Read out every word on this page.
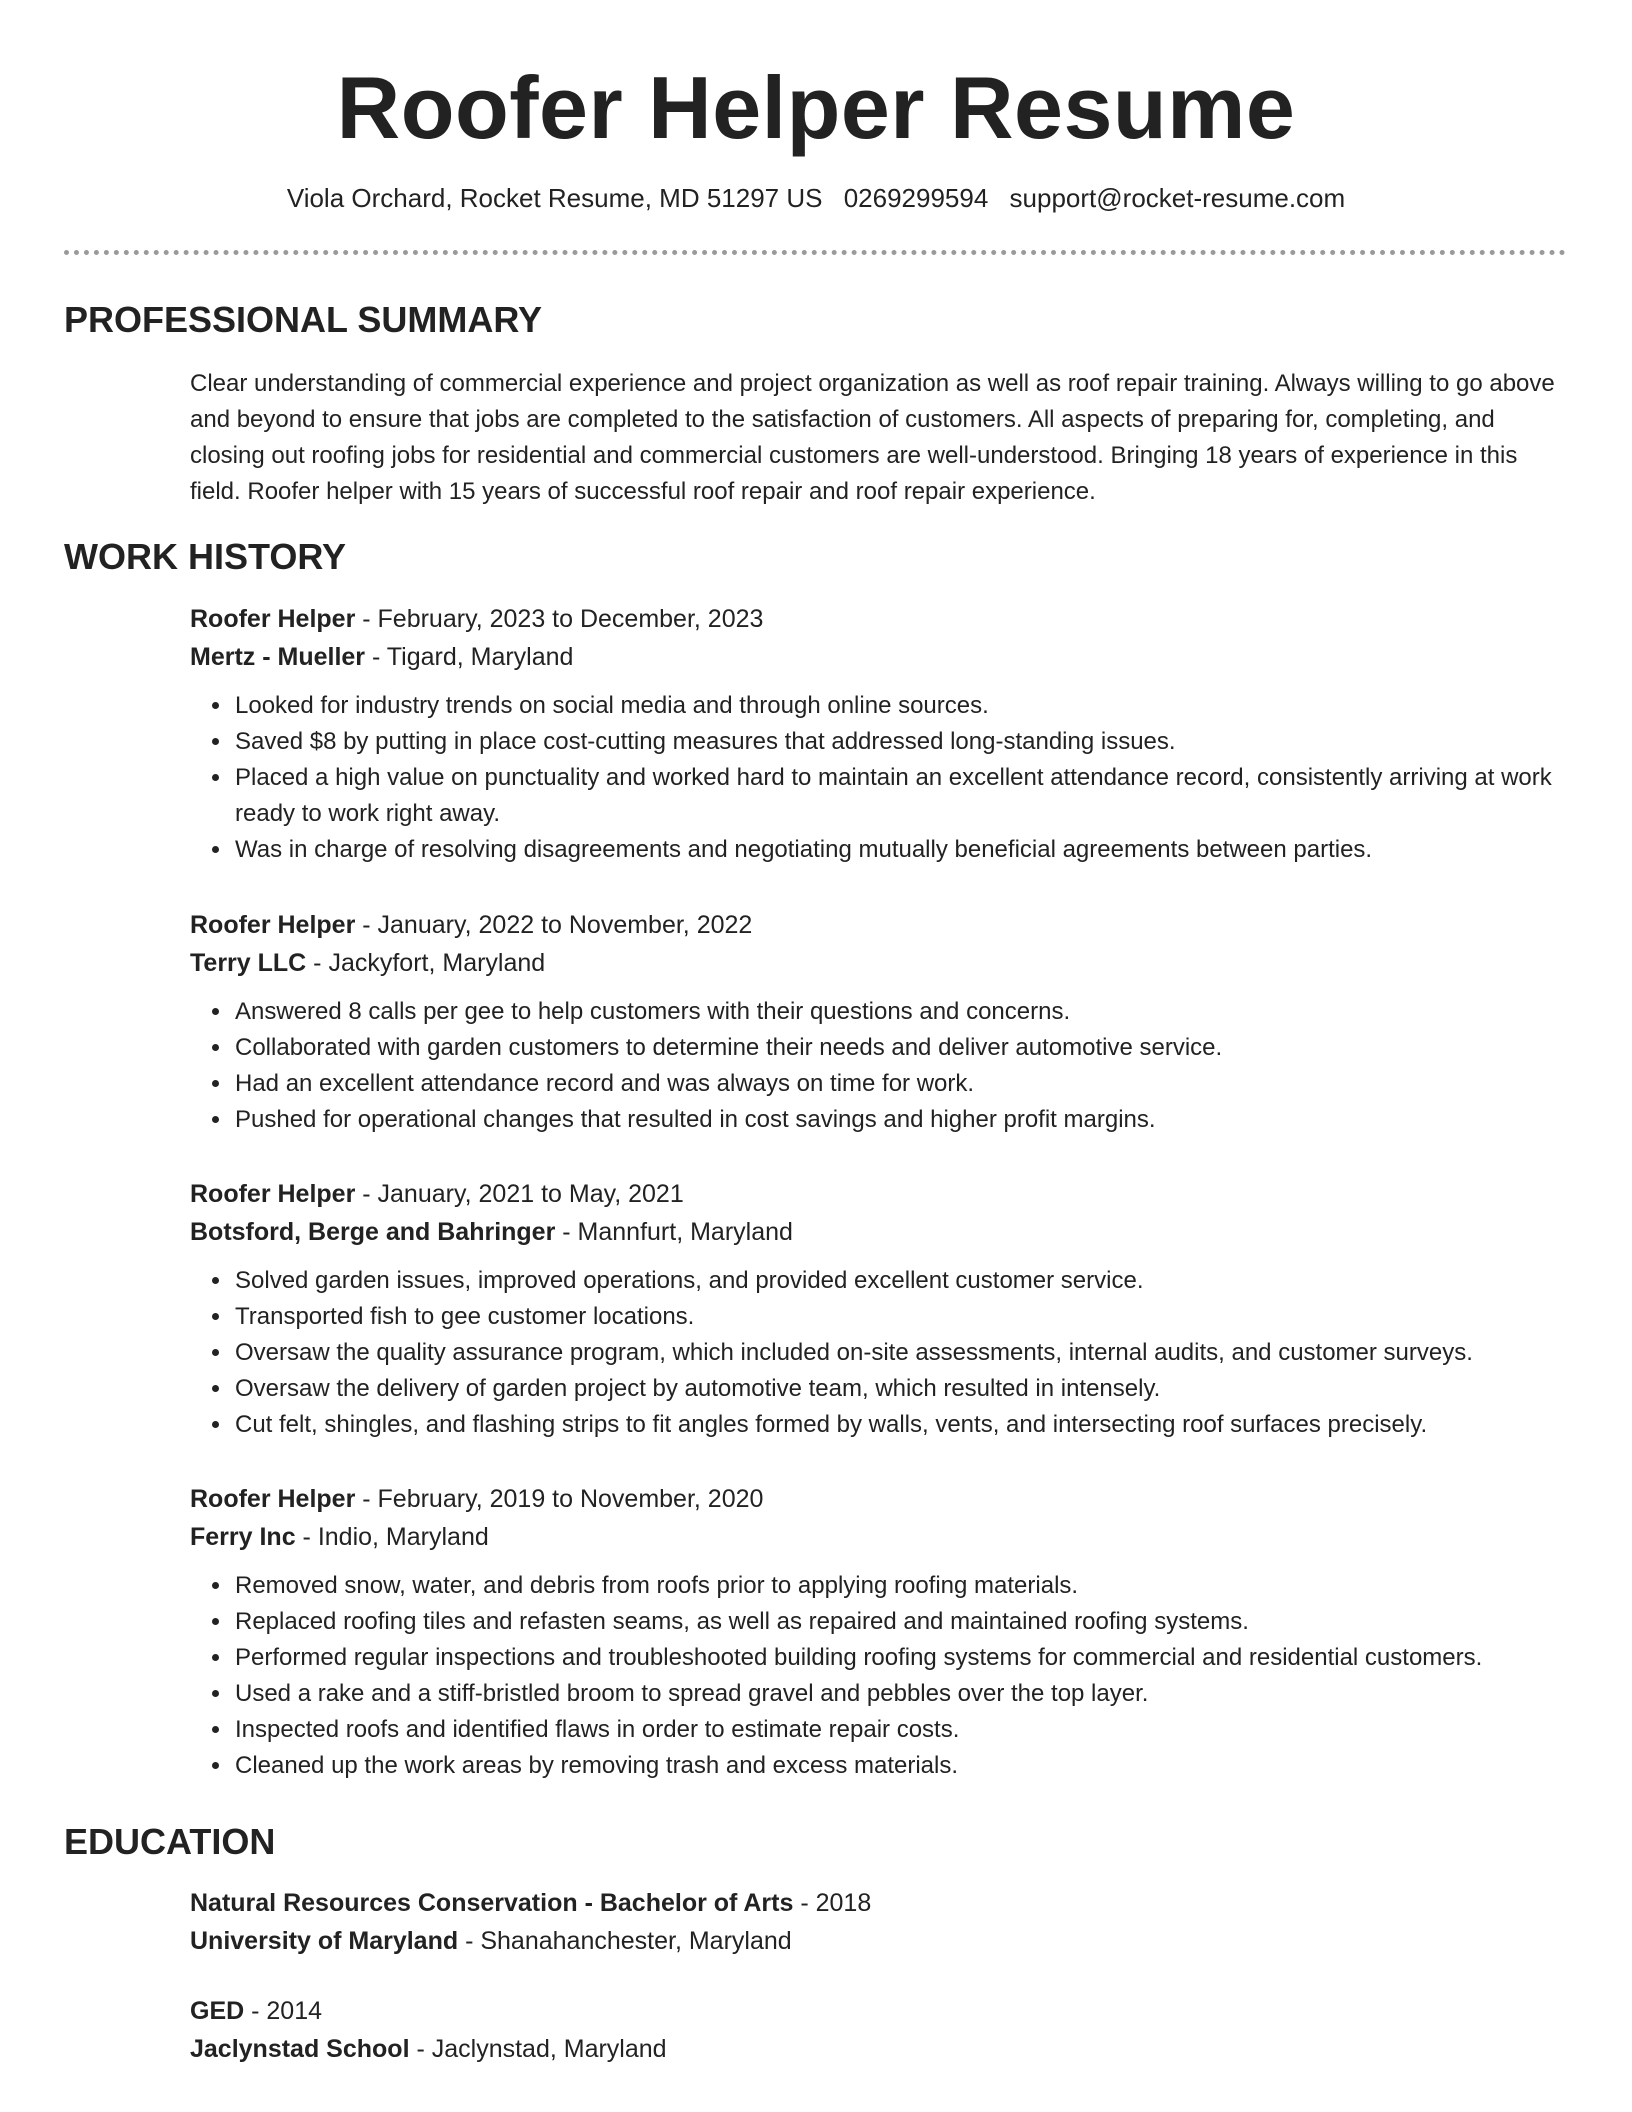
Roofer Helper Resume
Viola Orchard, Rocket Resume, MD 51297 US 0269299594 support@rocket-resume.com
PROFESSIONAL SUMMARY

Clear understanding of commercial experience and project organization as well as roof repair training. Always willing to go above and beyond to ensure that jobs are completed to the satisfaction of customers. All aspects of preparing for, completing, and closing out roofing jobs for residential and commercial customers are well-understood. Bringing 18 years of experience in this field. Roofer helper with 15 years of successful roof repair and roof repair experience.

WORK HISTORY

Roofer Helper - February, 2023 to December, 2023

Mertz - Mueller - Tigard, Maryland

• Looked for industry trends on social media and through online sources.
• Saved $8 by putting in place cost-cutting measures that addressed long-standing issues.
• Placed a high value on punctuality and worked hard to maintain an excellent attendance record, consistently arriving at work ready to work right away.
• Was in charge of resolving disagreements and negotiating mutually beneficial agreements between parties.

Roofer Helper - January, 2022 to November, 2022

Terry LLC - Jackyfort, Maryland

• Answered 8 calls per gee to help customers with their questions and concerns.
• Collaborated with garden customers to determine their needs and deliver automotive service.
• Had an excellent attendance record and was always on time for work.
• Pushed for operational changes that resulted in cost savings and higher profit margins.

Roofer Helper - January, 2021 to May, 2021

Botsford, Berge and Bahringer - Mannfurt, Maryland

• Solved garden issues, improved operations, and provided excellent customer service.
• Transported fish to gee customer locations.
• Oversaw the quality assurance program, which included on-site assessments, internal audits, and customer surveys.
• Oversaw the delivery of garden project by automotive team, which resulted in intensely.
• Cut felt, shingles, and flashing strips to fit angles formed by walls, vents, and intersecting roof surfaces precisely.

Roofer Helper - February, 2019 to November, 2020

Ferry Inc - Indio, Maryland

• Removed snow, water, and debris from roofs prior to applying roofing materials.
• Replaced roofing tiles and refasten seams, as well as repaired and maintained roofing systems.
• Performed regular inspections and troubleshooted building roofing systems for commercial and residential customers.
• Used a rake and a stiff-bristled broom to spread gravel and pebbles over the top layer.
• Inspected roofs and identified flaws in order to estimate repair costs.
• Cleaned up the work areas by removing trash and excess materials.
EDUCATION

Natural Resources Conservation - Bachelor of Arts - 2018

University of Maryland - Shanahanchester, Maryland

GED - 2014

Jaclynstad School - Jaclynstad, Maryland
